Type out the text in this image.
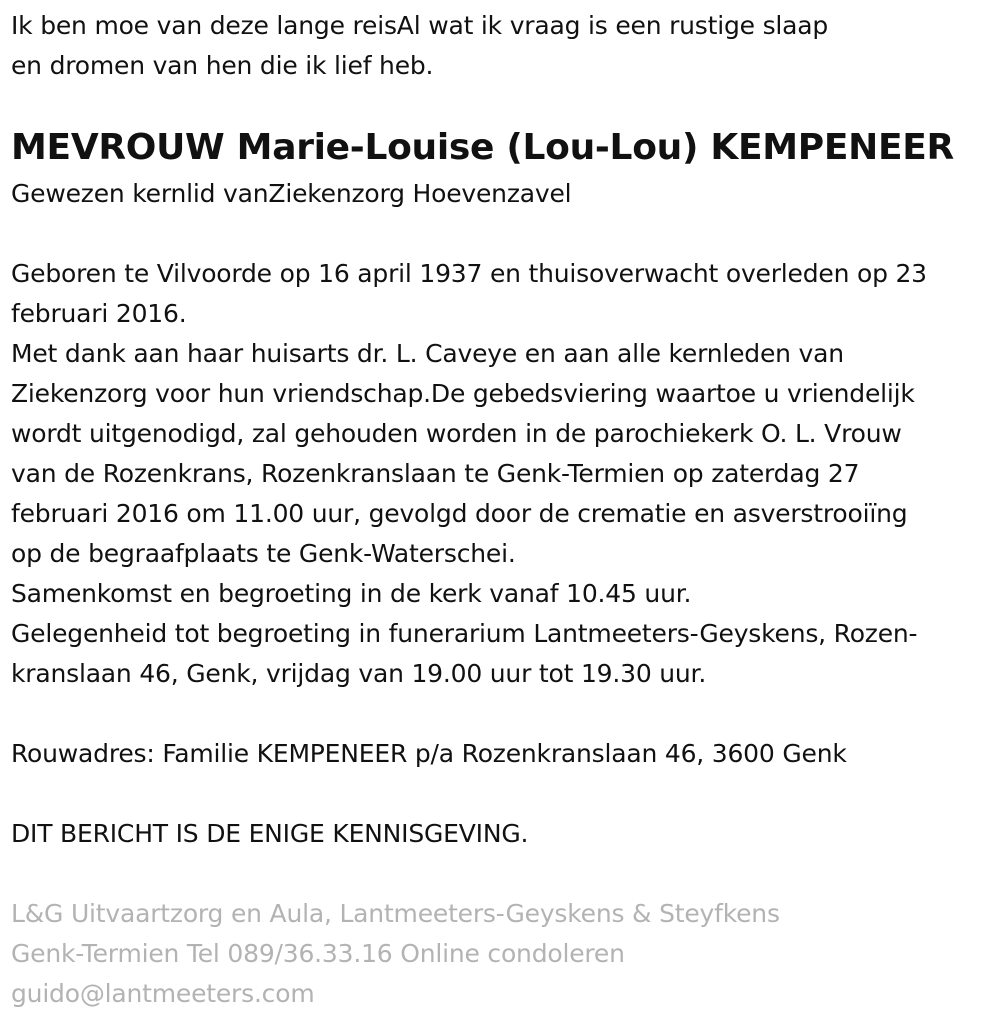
Ik ben moe van deze lange reisAl wat ik vraag is een rustige slaap
en dromen van hen die ik lief heb.
MEVROUW Marie-Louise (Lou-Lou) KEMPENEER
Gewezen kernlid vanZiekenzorg Hoevenzavel
Geboren te Vilvoorde op 16 april 1937 en thuisoverwacht overleden op 23
februari 2016.
Met dank aan haar huisarts dr. L. Caveye en aan alle kernleden van
Ziekenzorg voor hun vriendschap.De gebedsviering waartoe u vriendelijk
wordt uitgenodigd, zal gehouden worden in de parochiekerk O. L. Vrouw
van de Rozenkrans, Rozenkranslaan te Genk-Termien op zaterdag 27
februari 2016 om 11.00 uur, gevolgd door de crematie en asverstrooiïng
op de begraafplaats te Genk-Waterschei.
Samenkomst en begroeting in de kerk vanaf 10.45 uur.
Gelegenheid tot begroeting in funerarium Lantmeeters-Geyskens, Rozen-
kranslaan 46, Genk, vrijdag van 19.00 uur tot 19.30 uur.
Rouwadres: Familie KEMPENEER p/a Rozenkranslaan 46, 3600 Genk
DIT BERICHT IS DE ENIGE KENNISGEVING.
L&G Uitvaartzorg en Aula, Lantmeeters-Geyskens & Steyfkens
Genk-Termien Tel 089/36.33.16 Online condoleren
guido@lantmeeters.com
